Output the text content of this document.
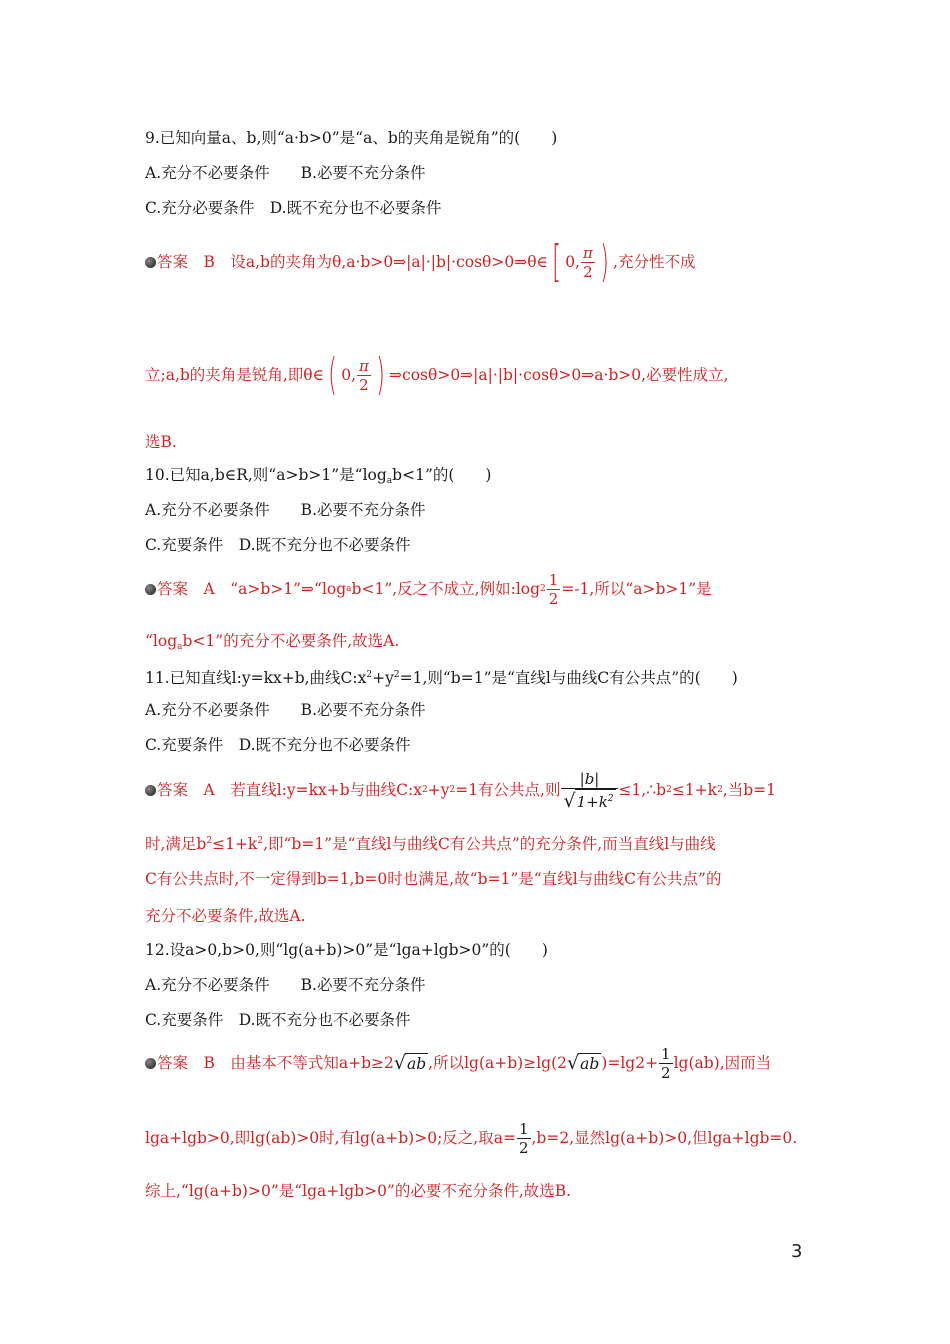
9.已知向量a、b,则“a·b>0”是“a、b的夹角是锐角”的(　　)
A.充分不必要条件　　B.必要不充分条件
C.充分必要条件　D.既不充分也不必要条件
答案　B　设a,b的夹角为θ,a·b>0⇒|a|·|b|·cosθ>0⇒θ∈ [ 0, $\frac{\pi}{2}$ ) ,充分性不成
立;a,b的夹角是锐角,即θ∈ ( 0, $\frac{\pi}{2}$ ) ⇒cosθ>0⇒|a|·|b|·cosθ>0⇒a·b>0,必要性成立,
选B.
10.已知a,b∈R,则“a>b>1”是“$\log_ab<1$”的(　　)
A.充分不必要条件　　B.必要不充分条件
C.充要条件　D.既不充分也不必要条件
答案　A　“a>b>1”⇒“log a b<1”,反之不成立,例如:log $2 \frac{1}{2} =-1$,所以“a>b>1”是
“$\log_ab<1$”的充分不必要条件,故选A.
11.已知直线l:y=kx+b,曲线$C:x^2+y^2=1$,则“b=1”是“直线l与曲线C有公共点”的(　　)
A.充分不必要条件　　B.必要不充分条件
C.充要条件　D.既不充分也不必要条件
答案　A　若直线l:y=kx+b与曲线C:x 2 +y 2 =1有公共点,则 $\frac{|b|}{√1+k^2}$ ≤1,∴b 2 ≤1+k 2 ,当b=1
时,满足$b^2\le 1+k^2$,即“b=1”是“直线l与曲线C有公共点”的充分条件,而当直线l与曲线
C有公共点时,不一定得到b=1,b=0时也满足,故“b=1”是“直线l与曲线C有公共点”的
充分不必要条件,故选A.
12.设a>0,b>0,则“lg(a+b)>0”是“lga+lgb>0”的(　　)
A.充分不必要条件　　B.必要不充分条件
C.充要条件　D.既不充分也不必要条件
答案　B　由基本不等式知a+b≥2 √ab ,所以lg(a+b)≥lg(2 √ab )$=\lg 2+ \frac{1}{2} \lg(ab)$,因而当
lga+lgb>0,即lg(ab)>0时,有lg(a+b)>0;反之,取$a= \frac{1}{2} ,b=2$,显然lg(a+b)>0,但lga+lgb=0.
综上,“lg(a+b)>0”是“lga+lgb>0”的必要不充分条件,故选B.
3
